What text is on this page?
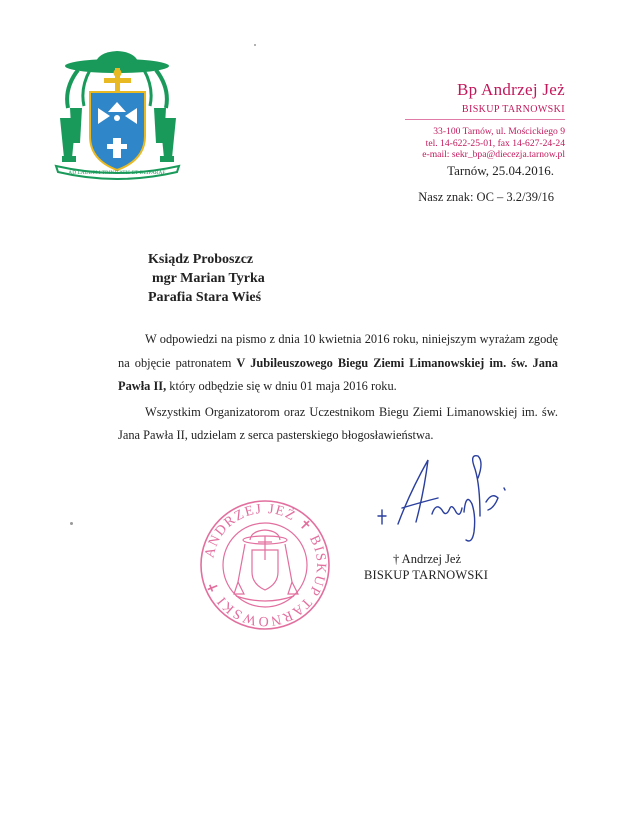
AD LAUDEM TRINITATIS ET DEIPARAE
Bp Andrzej Jeż
BISKUP TARNOWSKI
33-100 Tarnów, ul. Mościckiego 9
tel. 14-622-25-01, fax 14-627-24-24
e-mail: sekr_bpa@diecezja.tarnow.pl
Tarnów, 25.04.2016.
Nasz znak: OC – 3.2/39/16
Ksiądz Proboszcz
mgr Marian Tyrka
Parafia Stara Wieś

W odpowiedzi na pismo z dnia 10 kwietnia 2016 roku, niniejszym wyrażam zgodę na objęcie patronatem V Jubileuszowego Biegu Ziemi Limanowskiej im. św. Jana Pawła II, który odbędzie się w dniu 01 maja 2016 roku.

Wszystkim Organizatorom oraz Uczestnikom Biegu Ziemi Limanowskiej im. św. Jana Pawła II, udzielam z serca pasterskiego błogosławieństwa.

ANDRZEJ JEŻ ✝ BISKUP TARNOWSKI ✝
† Andrzej Jeż
BISKUP TARNOWSKI
